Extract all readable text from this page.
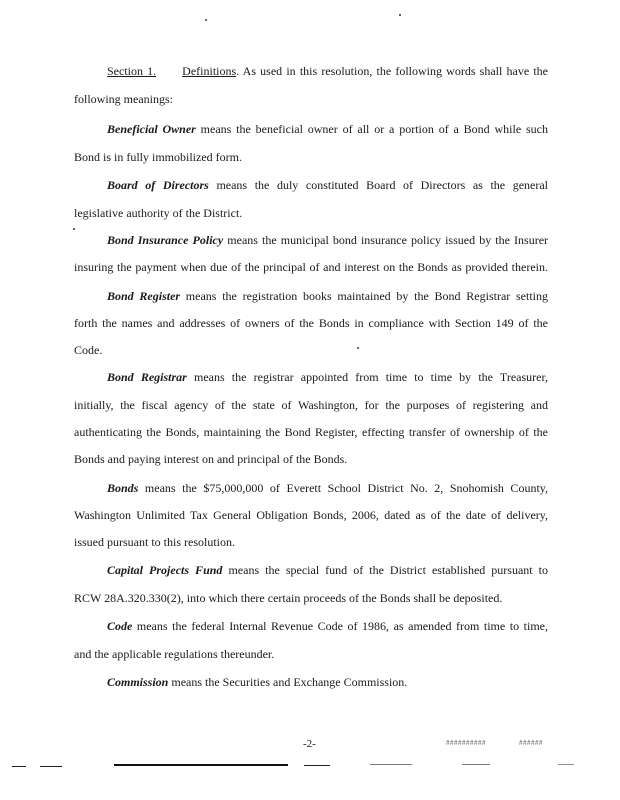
Section 1. Definitions. As used in this resolution, the following words shall have the
following meanings:
Beneficial Owner means the beneficial owner of all or a portion of a Bond while such
Bond is in fully immobilized form.
Board of Directors means the duly constituted Board of Directors as the general
legislative authority of the District.
Bond Insurance Policy means the municipal bond insurance policy issued by the Insurer
insuring the payment when due of the principal of and interest on the Bonds as provided therein.
Bond Register means the registration books maintained by the Bond Registrar setting
forth the names and addresses of owners of the Bonds in compliance with Section 149 of the
Code.
Bond Registrar means the registrar appointed from time to time by the Treasurer,
initially, the fiscal agency of the state of Washington, for the purposes of registering and
authenticating the Bonds, maintaining the Bond Register, effecting transfer of ownership of the
Bonds and paying interest on and principal of the Bonds.
Bonds means the $75,000,000 of Everett School District No. 2, Snohomish County,
Washington Unlimited Tax General Obligation Bonds, 2006, dated as of the date of delivery,
issued pursuant to this resolution.
Capital Projects Fund means the special fund of the District established pursuant to
RCW 28A.320.330(2), into which there certain proceeds of the Bonds shall be deposited.
Code means the federal Internal Revenue Code of 1986, as amended from time to time,
and the applicable regulations thereunder.
Commission means the Securities and Exchange Commission.
-2-	##########	######
